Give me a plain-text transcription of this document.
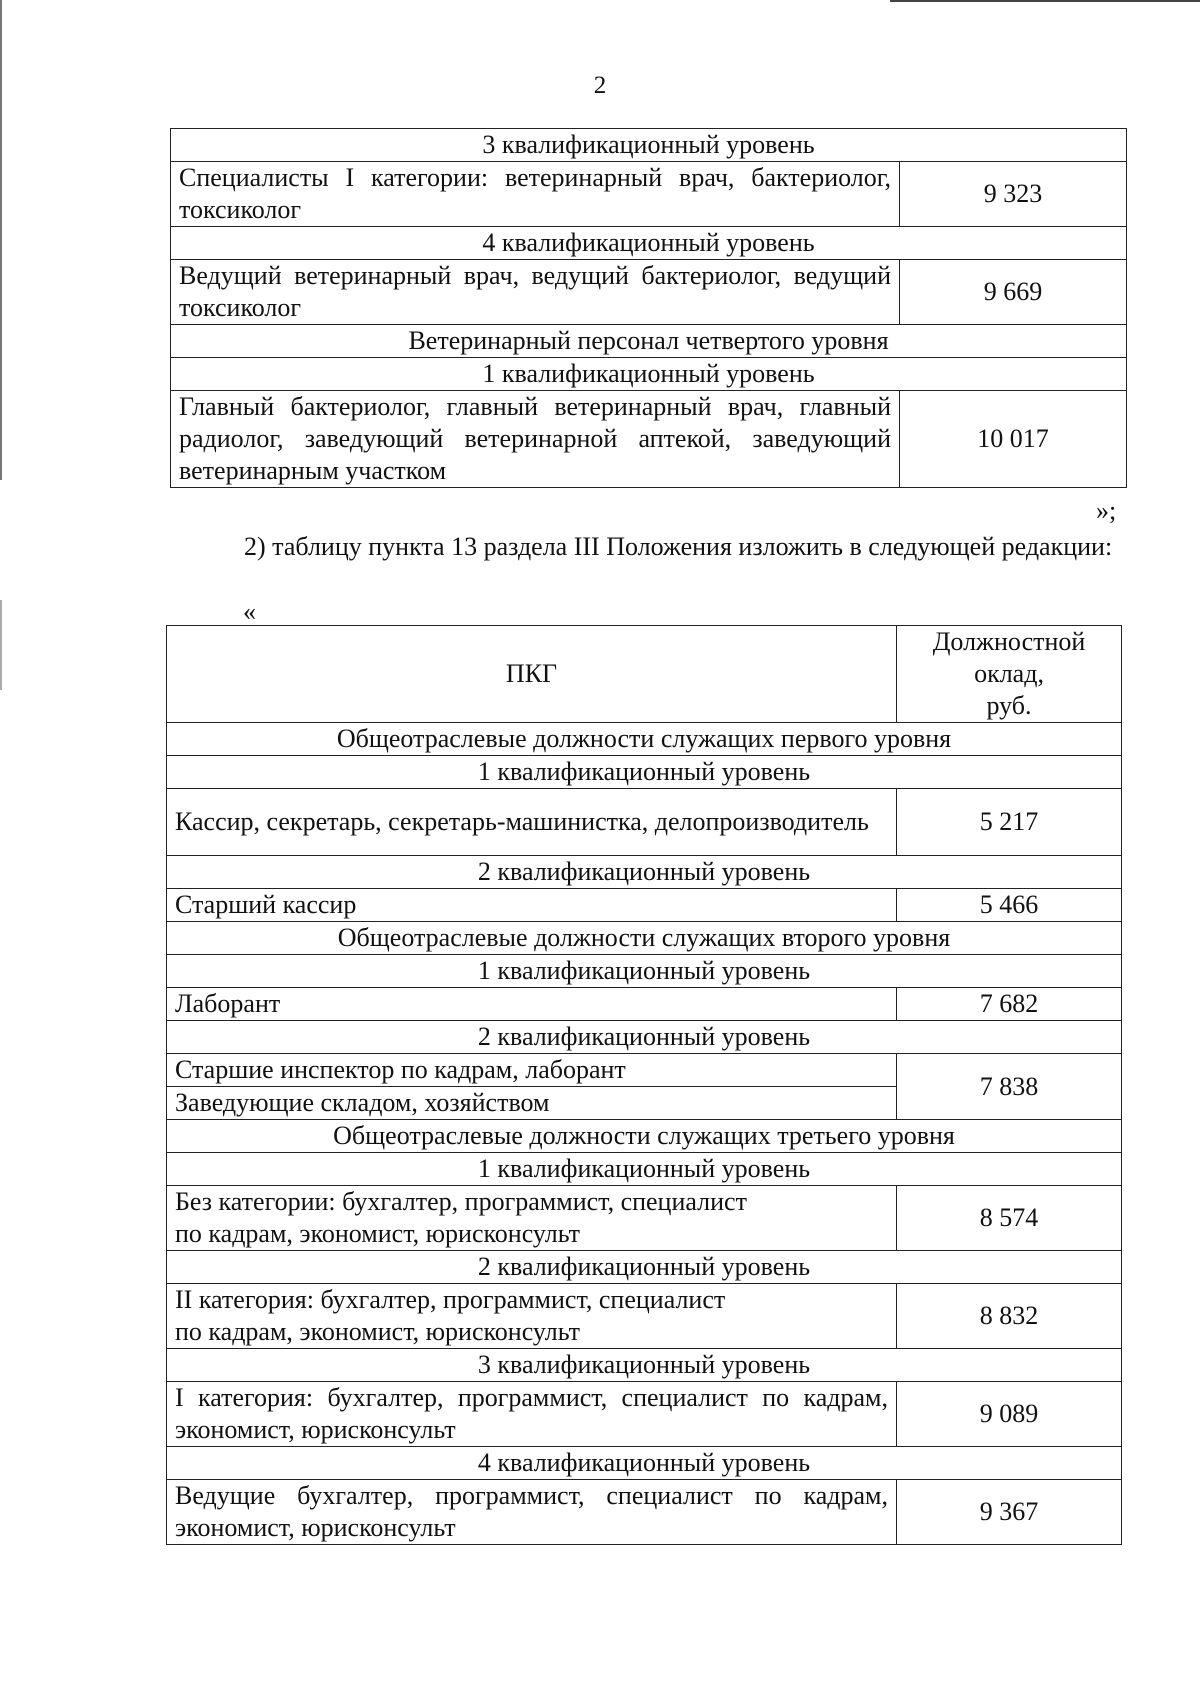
2
3 квалификационный уровень	
Специалисты I категории: ветеринарный врач, бактериолог, токсиколог	9 323
4 квалификационный уровень	
Ведущий ветеринарный врач, ведущий бактериолог, ведущий токсиколог	9 669
Ветеринарный персонал четвертого уровня	
1 квалификационный уровень	
Главный бактериолог, главный ветеринарный врач, главный радиолог, заведующий ветеринарной аптекой, заведующий ветеринарным участком	10 017
»;
2) таблицу пункта 13 раздела III Положения изложить в следующей редакции:
«
ПКГ	Должностной
оклад,
руб.

Общеотраслевые должности служащих первого уровня	
1 квалификационный уровень	
Кассир, секретарь, секретарь-машинистка, делопроизводитель	5 217
2 квалификационный уровень	
Старший кассир	5 466
Общеотраслевые должности служащих второго уровня	
1 квалификационный уровень	
Лаборант	7 682
2 квалификационный уровень	
Старшие инспектор по кадрам, лаборант	7 838
Заведующие складом, хозяйством	
Общеотраслевые должности служащих третьего уровня	
1 квалификационный уровень	

Без категории: бухгалтер, программист, специалист
по кадрам, экономист, юрисконсульт	8 574
2 квалификационный уровень	

II категория: бухгалтер, программист, специалист
по кадрам, экономист, юрисконсульт	8 832
3 квалификационный уровень	
I категория: бухгалтер, программист, специалист по кадрам, экономист, юрисконсульт	9 089
4 квалификационный уровень	
Ведущие бухгалтер, программист, специалист по кадрам, экономист, юрисконсульт	9 367
